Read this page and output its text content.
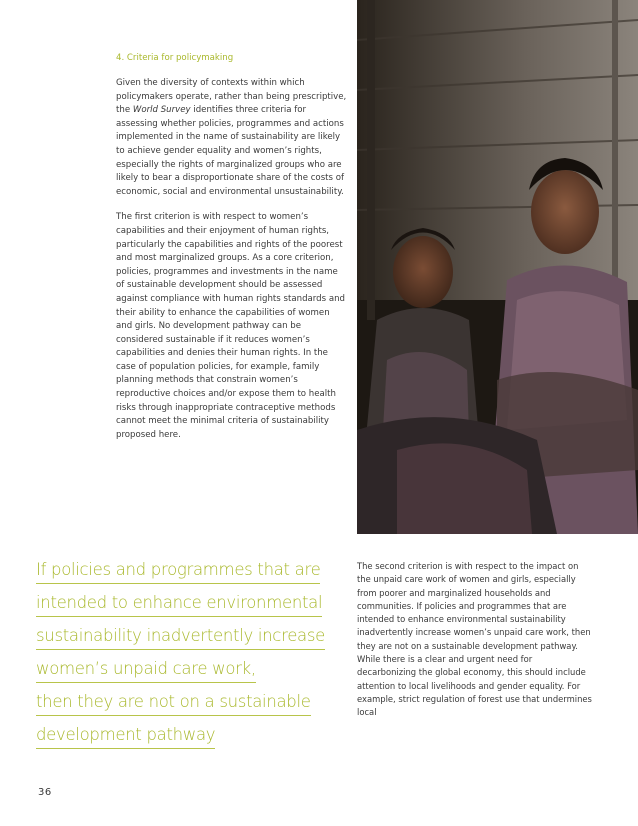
4. Criteria for policymaking

Given the diversity of contexts within which policymakers operate, rather than being prescriptive, the World Survey identifies three criteria for assessing whether policies, programmes and actions implemented in the name of sustainability are likely to achieve gender equality and women’s rights, especially the rights of marginalized groups who are likely to bear a disproportionate share of the costs of economic, social and environmental unsustainability.

The first criterion is with respect to women’s capabilities and their enjoyment of human rights, particularly the capabilities and rights of the poorest and most marginalized groups. As a core criterion, policies, programmes and investments in the name of sustainable development should be assessed against compliance with human rights standards and their ability to enhance the capabilities of women and girls. No development pathway can be considered sustainable if it reduces women’s capabilities and denies their human rights. In the case of population policies, for example, family planning methods that constrain women’s reproductive choices and/or expose them to health risks through inappropriate contraceptive methods cannot meet the minimal criteria of sustainability proposed here.

If policies and programmes that are
intended to enhance environmental
sustainability inadvertently increase
women’s unpaid care work,
then they are not on a sustainable
development pathway

The second criterion is with respect to the impact on the unpaid care work of women and girls, especially from poorer and marginalized households and communities. If policies and programmes that are intended to enhance environmental sustainability inadvertently increase women’s unpaid care work, then they are not on a sustainable development pathway. While there is a clear and urgent need for decarbonizing the global economy, this should include attention to local livelihoods and gender equality. For example, strict regulation of forest use that undermines local

36
